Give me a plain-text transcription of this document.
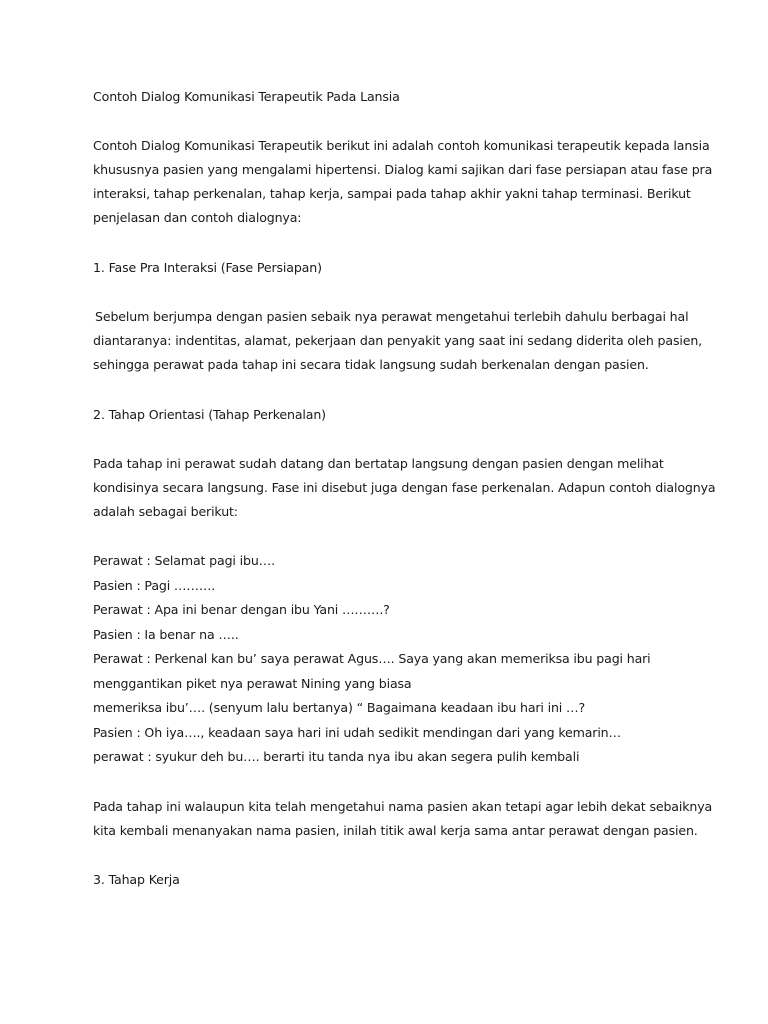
Contoh Dialog Komunikasi Terapeutik Pada Lansia
Contoh Dialog Komunikasi Terapeutik berikut ini adalah contoh komunikasi terapeutik kepada lansia
khususnya pasien yang mengalami hipertensi. Dialog kami sajikan dari fase persiapan atau fase pra
interaksi, tahap perkenalan, tahap kerja, sampai pada tahap akhir yakni tahap terminasi. Berikut
penjelasan dan contoh dialognya:
1. Fase Pra Interaksi (Fase Persiapan)
Sebelum berjumpa dengan pasien sebaik nya perawat mengetahui terlebih dahulu berbagai hal
diantaranya: indentitas, alamat, pekerjaan dan penyakit yang saat ini sedang diderita oleh pasien,
sehingga perawat pada tahap ini secara tidak langsung sudah berkenalan dengan pasien.
2. Tahap Orientasi (Tahap Perkenalan)
Pada tahap ini perawat sudah datang dan bertatap langsung dengan pasien dengan melihat
kondisinya secara langsung. Fase ini disebut juga dengan fase perkenalan. Adapun contoh dialognya
adalah sebagai berikut:
Perawat : Selamat pagi ibu….
Pasien : Pagi ……….
Perawat : Apa ini benar dengan ibu Yani ……….?
Pasien : Ia benar na …..
Perawat : Perkenal kan bu’ saya perawat Agus…. Saya yang akan memeriksa ibu pagi hari
menggantikan piket nya perawat Nining yang biasa
memeriksa ibu’…. (senyum lalu bertanya) “ Bagaimana keadaan ibu hari ini …?
Pasien : Oh iya…., keadaan saya hari ini udah sedikit mendingan dari yang kemarin…
perawat : syukur deh bu…. berarti itu tanda nya ibu akan segera pulih kembali
Pada tahap ini walaupun kita telah mengetahui nama pasien akan tetapi agar lebih dekat sebaiknya
kita kembali menanyakan nama pasien, inilah titik awal kerja sama antar perawat dengan pasien.
3. Tahap Kerja
